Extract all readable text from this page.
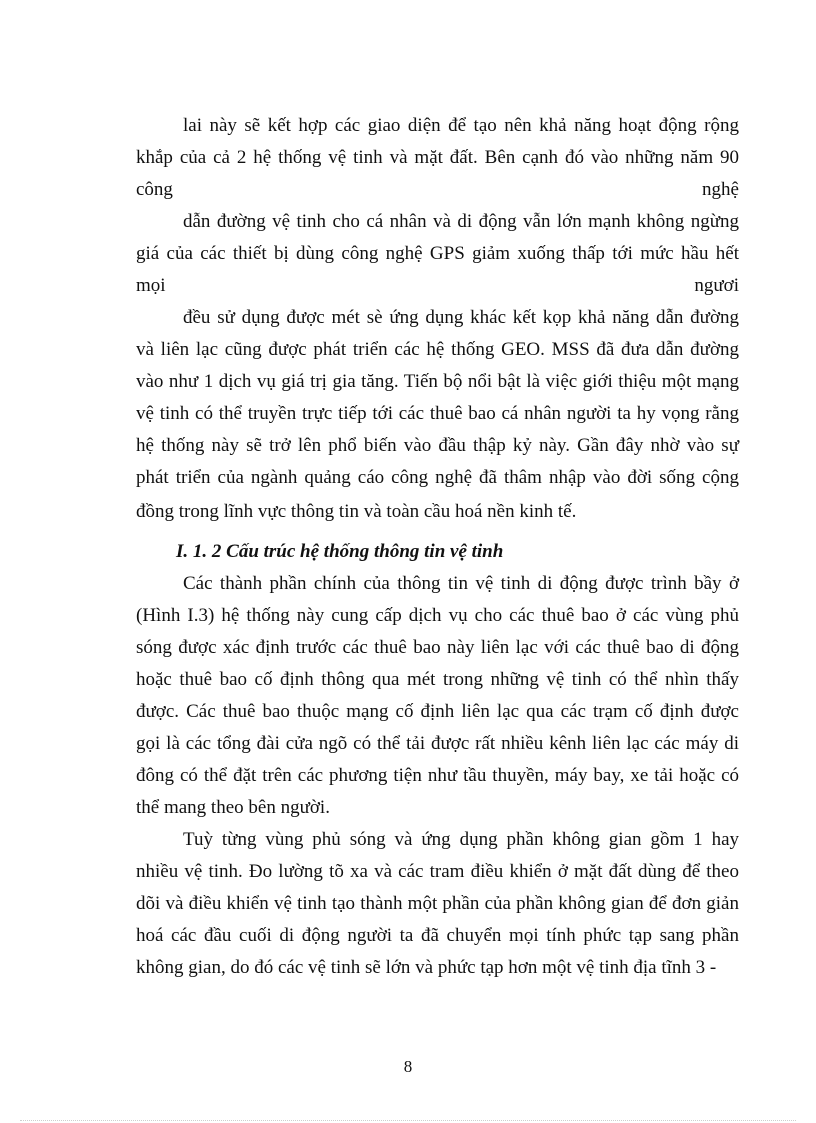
lai này sẽ kết hợp các giao diện để tạo nên khả năng hoạt động rộng
khắp của cả 2 hệ thống vệ tinh và mặt đất. Bên cạnh đó vào những năm 90
công nghệ
dẫn đường vệ tinh cho cá nhân và di động vẫn lớn mạnh không ngừng
giá của các thiết bị dùng công nghệ GPS giảm xuống thấp tới mức hầu hết
mọi ngươi
đều sử dụng được mét sè ứng dụng khác kết kọp khả năng dẫn đường
và liên lạc cũng được phát triển các hệ thống GEO. MSS đã đưa dẫn đường
vào như 1 dịch vụ giá trị gia tăng. Tiến bộ nổi bật là việc giới thiệu một mạng
vệ tinh có thể truyền trực tiếp tới các thuê bao cá nhân người ta hy vọng rằng
hệ thống này sẽ trở lên phổ biến vào đầu thập kỷ này. Gần đây nhờ vào sự
phát triển của ngành quảng cáo công nghệ đã thâm nhập vào đời sống cộng
đồng trong lĩnh vực thông tin và toàn cầu hoá nền kinh tế.
I. 1. 2 Cấu trúc hệ thống thông tin vệ tinh
Các thành phần chính của thông tin vệ tinh di động được trình bầy ở
(Hình I.3) hệ thống này cung cấp dịch vụ cho các thuê bao ở các vùng phủ
sóng được xác định trước các thuê bao này liên lạc với các thuê bao di động
hoặc thuê bao cố định thông qua mét trong những vệ tinh có thể nhìn thấy
được. Các thuê bao thuộc mạng cố định liên lạc qua các trạm cố định được
gọi là các tổng đài cửa ngõ có thể tải được rất nhiều kênh liên lạc các máy di
đông có thể đặt trên các phương tiện như tầu thuyền, máy bay, xe tải hoặc có
thể mang theo bên người.
Tuỳ từng vùng phủ sóng và ứng dụng phần không gian gồm 1 hay
nhiều vệ tinh. Đo lường tõ xa và các tram điều khiển ở mặt đất dùng để theo
dõi và điều khiển vệ tinh tạo thành một phần của phần không gian để đơn giản
hoá các đầu cuối di động người ta đã chuyển mọi tính phức tạp sang phần
không gian, do đó các vệ tinh sẽ lớn và phức tạp hơn một vệ tinh địa tĩnh 3 -
8
